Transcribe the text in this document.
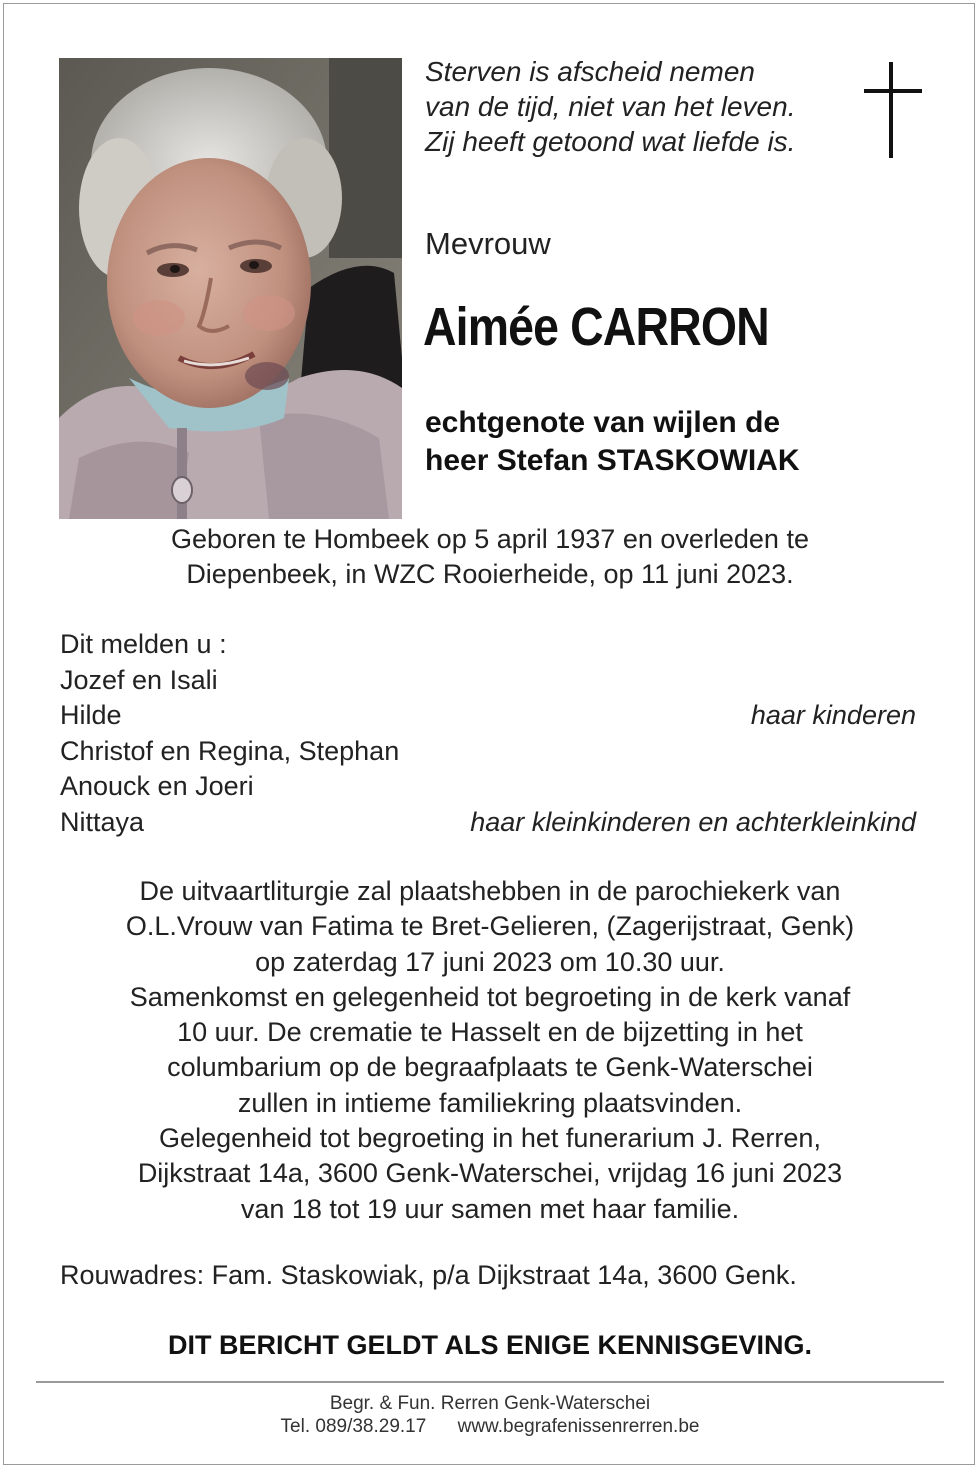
Sterven is afscheid nemen
van de tijd, niet van het leven.
Zij heeft getoond wat liefde is.
Mevrouw
Aimée CARRON
echtgenote van wijlen de
heer Stefan STASKOWIAK
Geboren te Hombeek op 5 april 1937 en overleden te
Diepenbeek, in WZC Rooierheide, op 11 juni 2023.
Dit melden u :
Jozef en Isali
Hilde	haar kinderen
Christof en Regina, Stephan
Anouck en Joeri
Nittaya	haar kleinkinderen en achterkleinkind
De uitvaartliturgie zal plaatshebben in de parochiekerk van
O.L.Vrouw van Fatima te Bret-Gelieren, (Zagerijstraat, Genk)
op zaterdag 17 juni 2023 om 10.30 uur.
Samenkomst en gelegenheid tot begroeting in de kerk vanaf
10 uur. De crematie te Hasselt en de bijzetting in het
columbarium op de begraafplaats te Genk-Waterschei
zullen in intieme familiekring plaatsvinden.
Gelegenheid tot begroeting in het funerarium J. Rerren,
Dijkstraat 14a, 3600 Genk-Waterschei, vrijdag 16 juni 2023
van 18 tot 19 uur samen met haar familie.
Rouwadres: Fam. Staskowiak, p/a Dijkstraat 14a, 3600 Genk.
DIT BERICHT GELDT ALS ENIGE KENNISGEVING.
Begr. & Fun. Rerren Genk-Waterschei
Tel. 089/38.29.17 www.begrafenissenrerren.be
